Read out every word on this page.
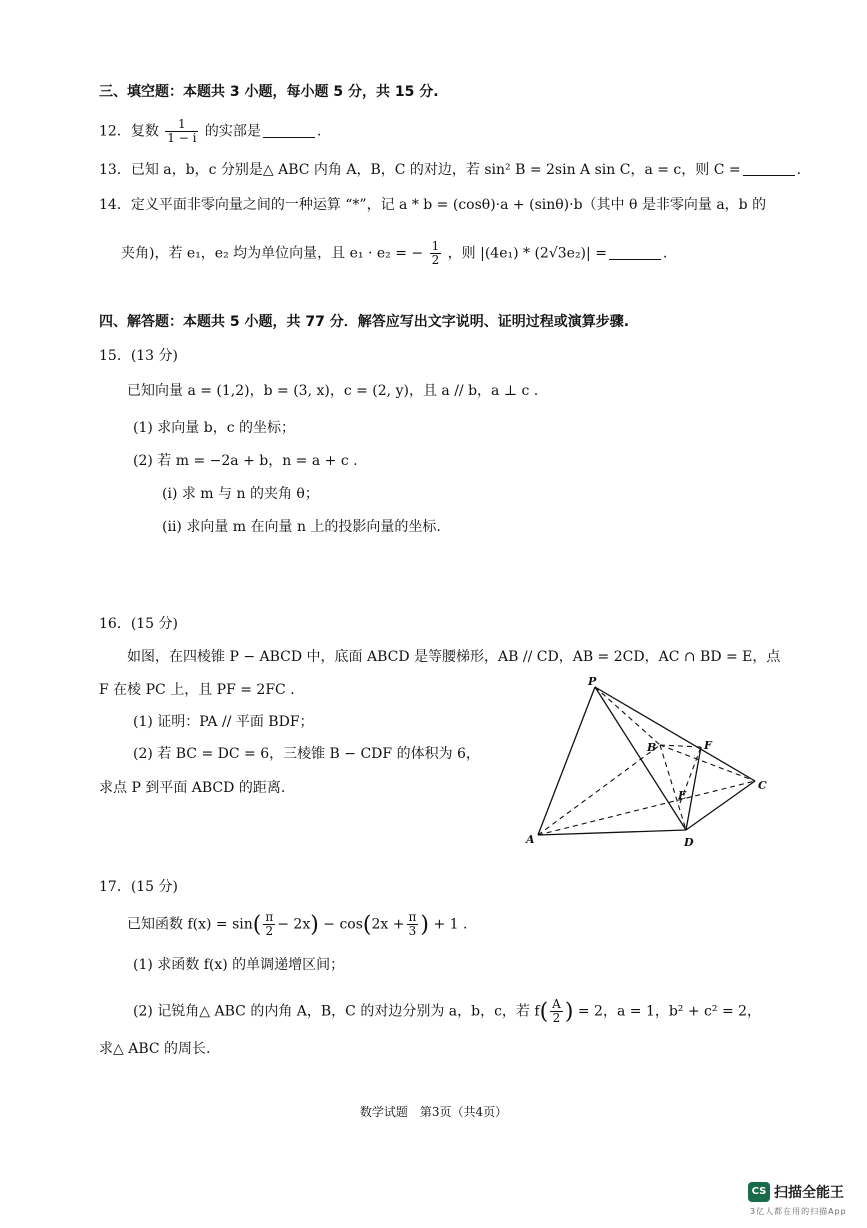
三、填空题：本题共 3 小题，每小题 5 分，共 15 分.
12．复数 $\frac{1}{1 - i}$ 的实部是	.
13．已知 a，b，c 分别是△ ABC 内角 A，B，C 的对边，若 sin² B = 2sin A sin C，a = c，则 C =	.
14．定义平面非零向量之间的一种运算 “*”，记 a * b = (cosθ)·a + (sinθ)·b（其中 θ 是非零向量 a，b 的
夹角)，若 e₁，e₂ 均为单位向量，且 e₁ · e₂ = − $\frac{1}{2}$ ，则 |(4e₁) * (2√3e₂)| =	.
四、解答题：本题共 5 小题，共 77 分．解答应写出文字说明、证明过程或演算步骤.
15．(13 分)
已知向量 a = (1,2)，b = (3, x)，c = (2, y)，且 a // b，a ⊥ c .
(1) 求向量 b，c 的坐标；
(2) 若 m = −2a + b，n = a + c .
(i) 求 m 与 n 的夹角 θ；
(ii) 求向量 m 在向量 n 上的投影向量的坐标.
16．(15 分)
如图，在四棱锥 P − ABCD 中，底面 ABCD 是等腰梯形，AB // CD，AB = 2CD，AC ∩ BD = E，点
F 在棱 PC 上，且 PF = 2FC .
(1) 证明：PA // 平面 BDF；
(2) 若 BC = DC = 6，三棱锥 B − CDF 的体积为 6，
求点 P 到平面 ABCD 的距离.
P
A
B
C
D
E
F
17．(15 分)
已知函数 $f(x) = \sin( \frac{\pi}{2} - 2x) - \cos(2x + \frac{\pi}{3}$ ) + 1 .
(1) 求函数 f(x) 的单调递增区间；
(2) 记锐角△ ABC 的内角 A，B，C 的对边分别为 a，b，c，若 $f( \frac{A}{2}$ ) = 2，a = 1，b² + c² = 2，
求△ ABC 的周长.
数学试题　第3页（共4页）
CS 扫描全能王
3亿人都在用的扫描App
